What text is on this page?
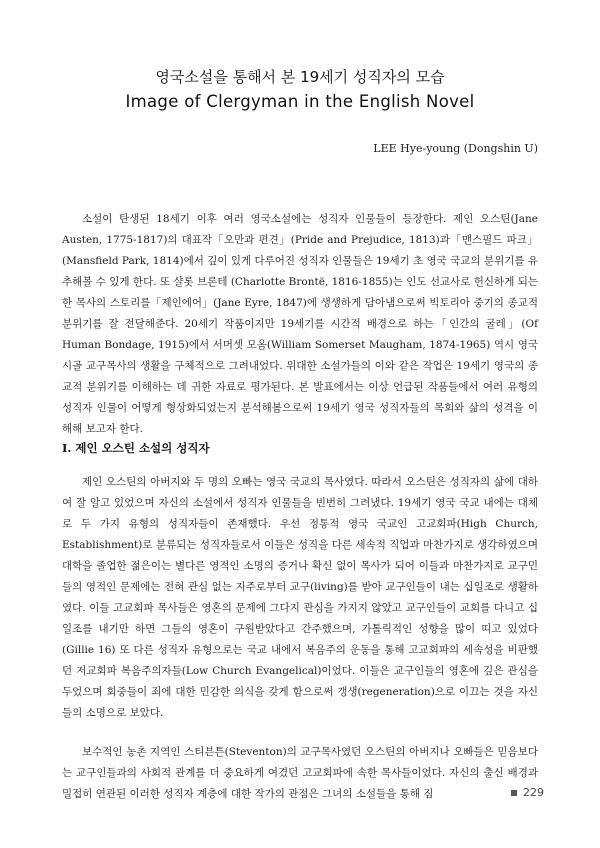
영국소설을 통해서 본 19세기 성직자의 모습
Image of Clergyman in the English Novel
LEE Hye-young (Dongshin U)

소설이 탄생된 18세기 이후 여러 영국소설에는 성직자 인물들이 등장한다. 제인 오스틴(Jane Austen, 1775-1817)의 대표작「오만과 편견」(Pride and Prejudice, 1813)과「맨스필드 파크」(Mansfield Park, 1814)에서 깊이 있게 다루어진 성직자 인물들은 19세기 초 영국 국교의 분위기를 유추해볼 수 있게 한다. 또 샬롯 브론테 (Charlotte Brontë, 1816-1855)는 인도 선교사로 헌신하게 되는 한 목사의 스토리를「제인에어」(Jane Eyre, 1847)에 생생하게 담아냄으로써 빅토리아 중기의 종교적 분위기를 잘 전달해준다. 20세기 작품이지만 19세기를 시간적 배경으로 하는「인간의 굴레」(Of Human Bondage, 1915)에서 서머셋 모옴(William Somerset Maugham, 1874-1965) 역시 영국 시골 교구목사의 생활을 구체적으로 그려내었다. 위대한 소설가들의 이와 같은 작업은 19세기 영국의 종교적 분위기를 이해하는 데 귀한 자료로 평가된다. 본 발표에서는 이상 언급된 작품들에서 여러 유형의 성직자 인물이 어떻게 형상화되었는지 분석해봄으로써 19세기 영국 성직자들의 목회와 삶의 성격을 이해해 보고자 한다.

I. 제인 오스틴 소설의 성직자

제인 오스틴의 아버지와 두 명의 오빠는 영국 국교의 목사였다. 따라서 오스틴은 성직자의 삶에 대하여 잘 알고 있었으며 자신의 소설에서 성직자 인물들을 빈번히 그려냈다. 19세기 영국 국교 내에는 대체로 두 가지 유형의 성직자들이 존재했다. 우선 정통적 영국 국교인 고교회파(High Church, Establishment)로 분류되는 성직자들로서 이들은 성직을 다른 세속적 직업과 마찬가지로 생각하였으며 대학을 졸업한 젊은이는 별다른 영적인 소명의 증거나 확신 없이 목사가 되어 이들과 마찬가지로 교구민들의 영적인 문제에는 전혀 관심 없는 지주로부터 교구(living)를 받아 교구인들이 내는 십일조로 생활하였다. 이들 고교회파 목사들은 영혼의 문제에 그다지 관심을 가지지 않았고 교구인들이 교회를 다니고 십일조를 내기만 하면 그들의 영혼이 구원받았다고 간주했으며, 가톨릭적인 성향을 많이 띠고 있었다(Gillie 16) 또 다른 성직자 유형으로는 국교 내에서 복음주의 운동을 통해 고교회파의 세속성을 비판했던 저교회파 복음주의자들(Low Church Evangelical)이었다. 이들은 교구인들의 영혼에 깊은 관심을 두었으며 회중들이 죄에 대한 민감한 의식을 갖게 함으로써 갱생(regeneration)으로 이끄는 것을 자신들의 소명으로 보았다.

보수적인 농촌 지역인 스티븐튼(Steventon)의 교구목사였던 오스틴의 아버지나 오빠들은 믿음보다는 교구인들과의 사회적 관계를 더 중요하게 여겼던 고교회파에 속한 목사들이었다. 자신의 출신 배경과 밀접히 연관된 이러한 성직자 계층에 대한 작가의 관점은 그녀의 소설들을 통해 짐	229
